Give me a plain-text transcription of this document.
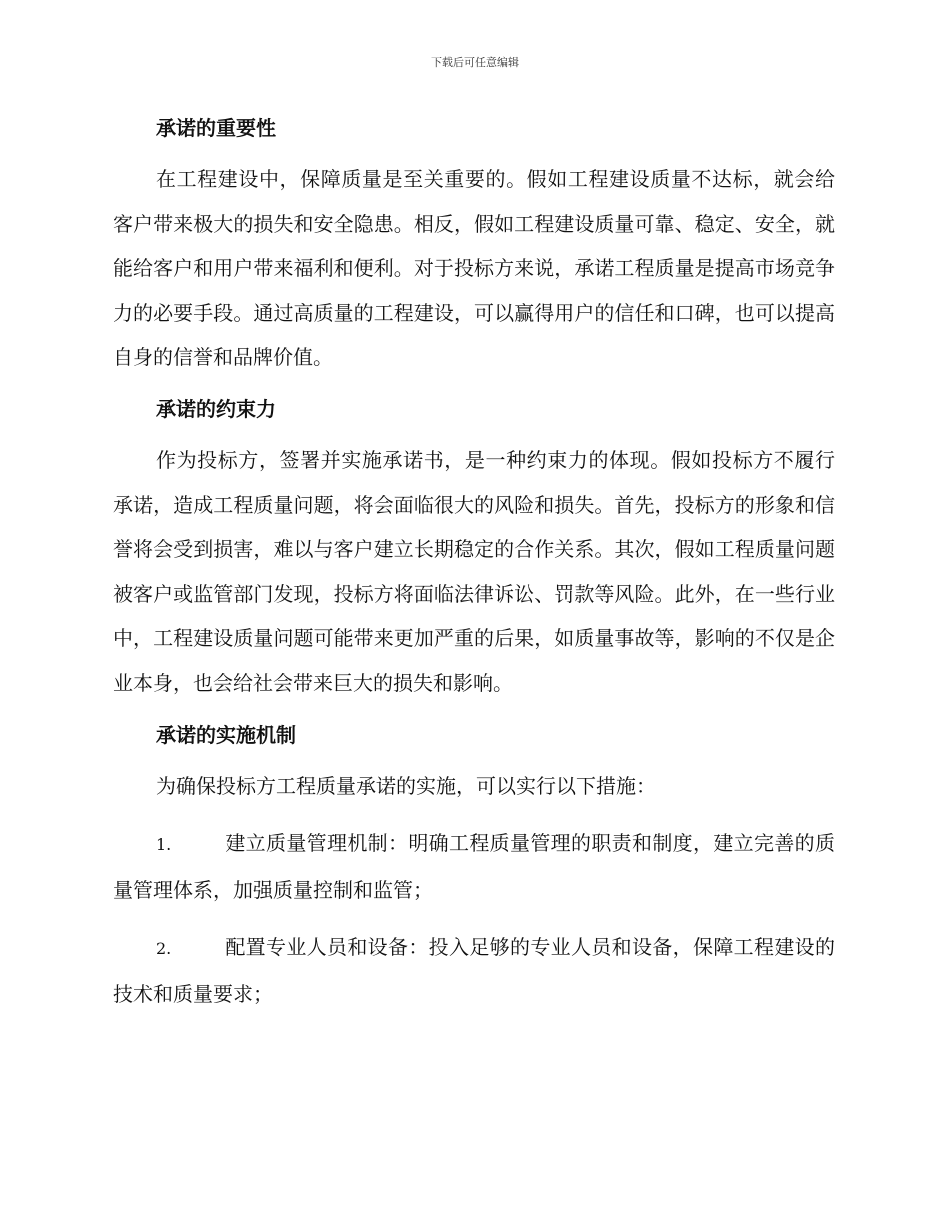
下载后可任意编辑
承诺的重要性
在工程建设中，保障质量是至关重要的。假如工程建设质量不达标，就会给客户带来极大的损失和安全隐患。相反，假如工程建设质量可靠、稳定、安全，就能给客户和用户带来福利和便利。对于投标方来说，承诺工程质量是提高市场竞争力的必要手段。通过高质量的工程建设，可以赢得用户的信任和口碑，也可以提高自身的信誉和品牌价值。
承诺的约束力
作为投标方，签署并实施承诺书，是一种约束力的体现。假如投标方不履行承诺，造成工程质量问题，将会面临很大的风险和损失。首先，投标方的形象和信誉将会受到损害，难以与客户建立长期稳定的合作关系。其次，假如工程质量问题被客户或监管部门发现，投标方将面临法律诉讼、罚款等风险。此外，在一些行业中，工程建设质量问题可能带来更加严重的后果，如质量事故等，影响的不仅是企业本身，也会给社会带来巨大的损失和影响。
承诺的实施机制
为确保投标方工程质量承诺的实施，可以实行以下措施：
1.	建立质量管理机制：明确工程质量管理的职责和制度，建立完善的质量管理体系，加强质量控制和监管；
2.	配置专业人员和设备：投入足够的专业人员和设备，保障工程建设的技术和质量要求；
